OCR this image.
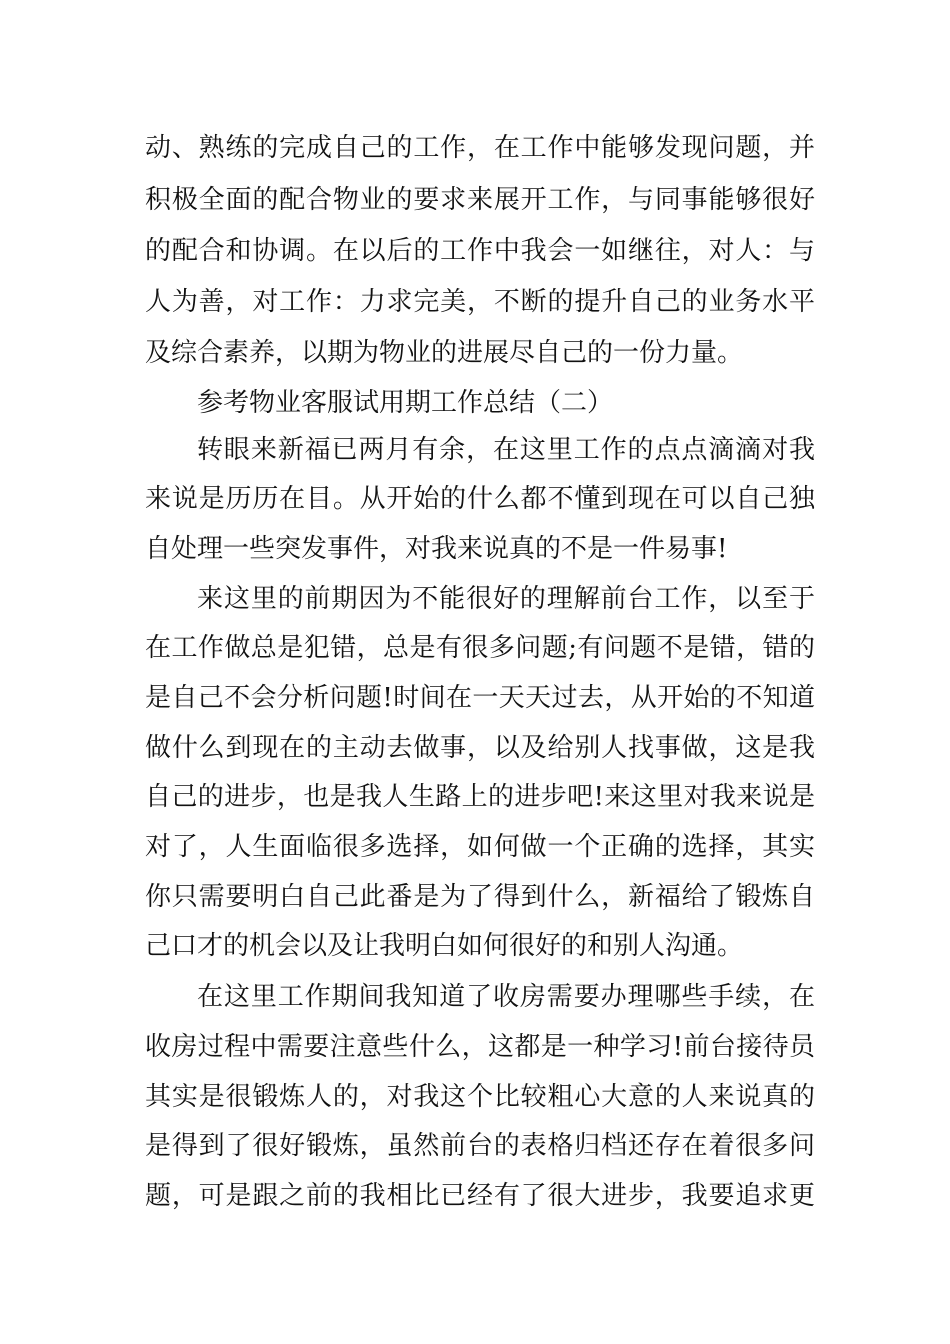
动、熟练的完成自己的工作，在工作中能够发现问题，并
积极全面的配合物业的要求来展开工作，与同事能够很好
的配合和协调。在以后的工作中我会一如继往，对人：与
人为善，对工作：力求完美，不断的提升自己的业务水平
及综合素养，以期为物业的进展尽自己的一份力量。
参考物业客服试用期工作总结（二）
转眼来新福已两月有余，在这里工作的点点滴滴对我
来说是历历在目。从开始的什么都不懂到现在可以自己独
自处理一些突发事件，对我来说真的不是一件易事!
来这里的前期因为不能很好的理解前台工作，以至于
在工作做总是犯错，总是有很多问题;有问题不是错，错的
是自己不会分析问题!时间在一天天过去，从开始的不知道
做什么到现在的主动去做事，以及给别人找事做，这是我
自己的进步，也是我人生路上的进步吧!来这里对我来说是
对了，人生面临很多选择，如何做一个正确的选择，其实
你只需要明白自己此番是为了得到什么，新福给了锻炼自
己口才的机会以及让我明白如何很好的和别人沟通。
在这里工作期间我知道了收房需要办理哪些手续，在
收房过程中需要注意些什么，这都是一种学习!前台接待员
其实是很锻炼人的，对我这个比较粗心大意的人来说真的
是得到了很好锻炼，虽然前台的表格归档还存在着很多问
题，可是跟之前的我相比已经有了很大进步，我要追求更
